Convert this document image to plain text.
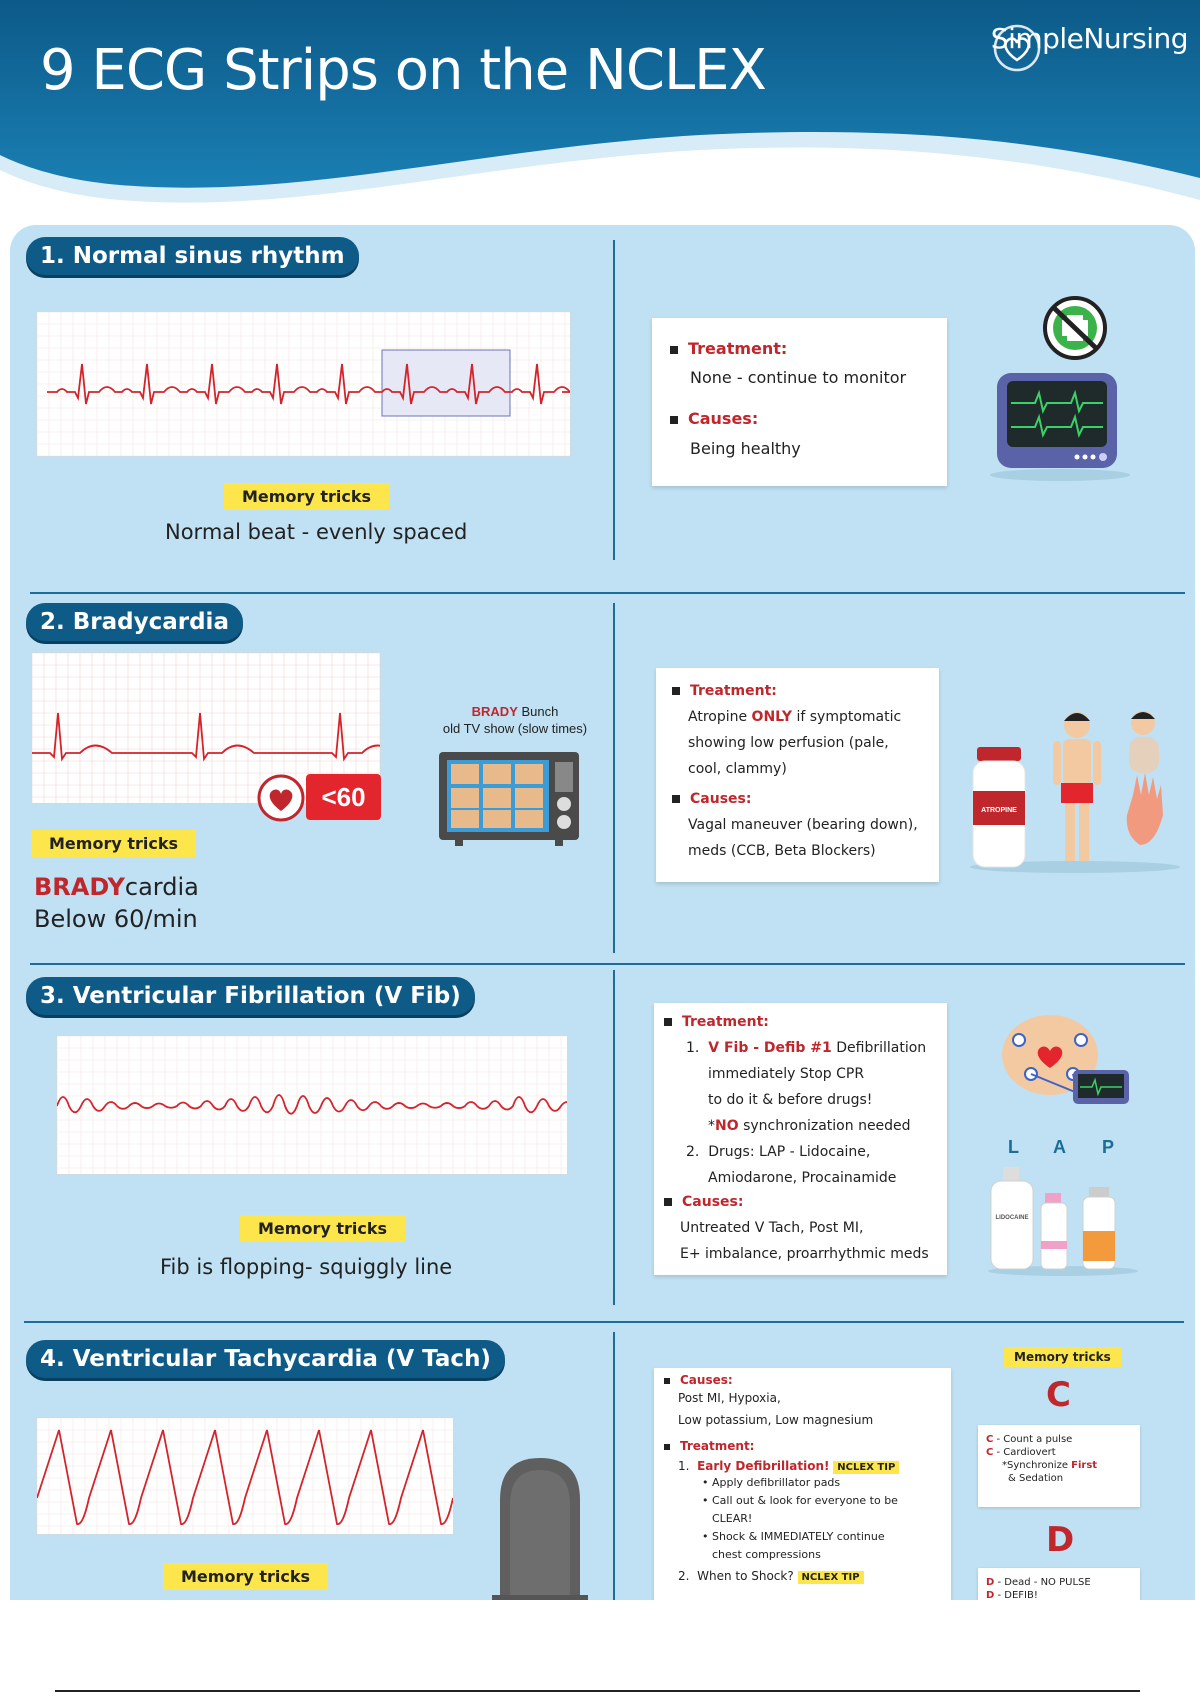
9 ECG Strips on the NCLEX	SimpleNursing
1. Normal sinus rhythm
Memory tricks
Normal beat - evenly spaced
Treatment:
None - continue to monitor
Causes:
Being healthy
2. Bradycardia
<60
BRADY Bunch
old TV show (slow times)
Memory tricks
BRADYcardia
Below 60/min
Treatment:
Atropine ONLY if symptomatic
showing low perfusion (pale,
cool, clammy)
Causes:
Vagal maneuver (bearing down),
meds (CCB, Beta Blockers)
ATROPINE
3. Ventricular Fibrillation (V Fib)
Memory tricks
Fib is flopping- squiggly line
Treatment:
1. V Fib - Defib #1 Defibrillation
immediately Stop CPR
to do it & before drugs!
*NO synchronization needed
2. Drugs: LAP - Lidocaine,
Amiodarone, Procainamide
Causes:
Untreated V Tach, Post MI,
E+ imbalance, proarrhythmic meds
L A P
LIDOCAINE
4. Ventricular Tachycardia (V Tach)
Memory tricks
Causes:
Post MI, Hypoxia,
Low potassium, Low magnesium
Treatment:
1. Early Defibrillation! NCLEX TIP
• Apply defibrillator pads
• Call out & look for everyone to be
CLEAR!
• Shock & IMMEDIATELY continue
chest compressions
2. When to Shock? NCLEX TIP
Memory tricks
C
C - Count a pulse
C - Cardiovert
*Synchronize First
& Sedation
D
D - Dead - NO PULSE
D - DEFIB!
